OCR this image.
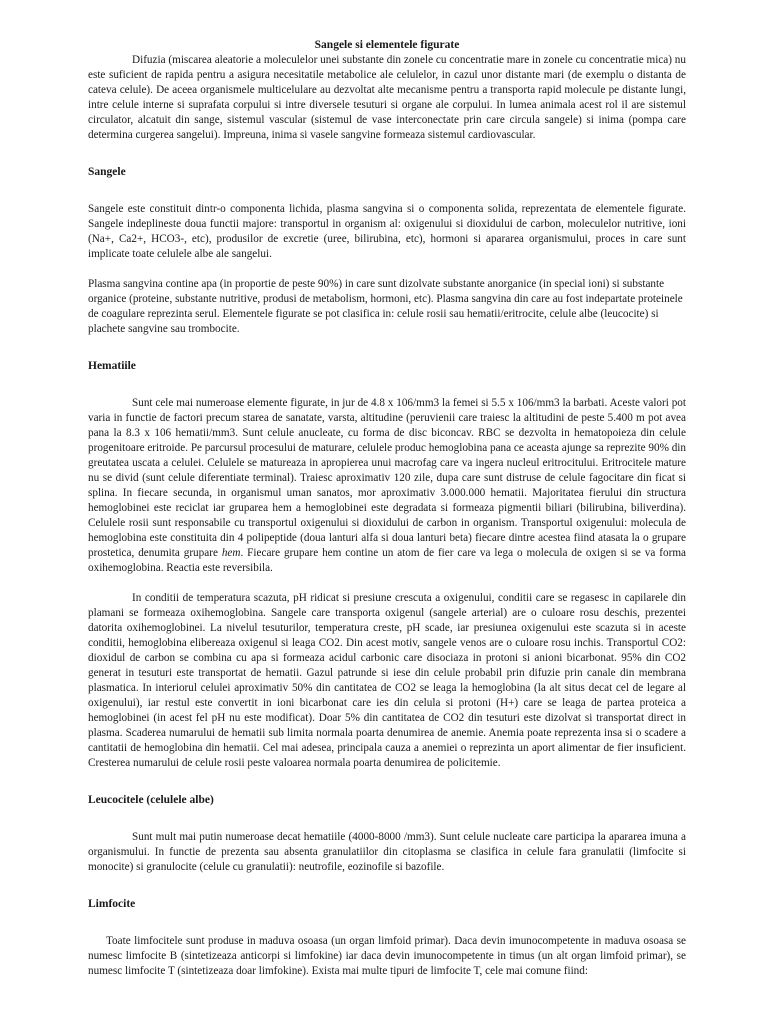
Sangele si elementele figurate

Difuzia (miscarea aleatorie a moleculelor unei substante din zonele cu concentratie mare in zonele cu concentratie mica) nu este suficient de rapida pentru a asigura necesitatile metabolice ale celulelor, in cazul unor distante mari (de exemplu o distanta de cateva celule). De aceea organismele multicelulare au dezvoltat alte mecanisme pentru a transporta rapid molecule pe distante lungi, intre celule interne si suprafata corpului si intre diversele tesuturi si organe ale corpului. In lumea animala acest rol il are sistemul circulator, alcatuit din sange, sistemul vascular (sistemul de vase interconectate prin care circula sangele) si inima (pompa care determina curgerea sangelui). Impreuna, inima si vasele sangvine formeaza sistemul cardiovascular.

Sangele

Sangele este constituit dintr-o componenta lichida, plasma sangvina si o componenta solida, reprezentata de elementele figurate. Sangele indeplineste doua functii majore: transportul in organism al: oxigenului si dioxidului de carbon, moleculelor nutritive, ioni (Na+, Ca2+, HCO3-, etc), produsilor de excretie (uree, bilirubina, etc), hormoni si apararea organismului, proces in care sunt implicate toate celulele albe ale sangelui.

Plasma sangvina contine apa (in proportie de peste 90%) in care sunt dizolvate substante anorganice (in special ioni) si substante organice (proteine, substante nutritive, produsi de metabolism, hormoni, etc). Plasma sangvina din care au fost indepartate proteinele de coagulare reprezinta serul. Elementele figurate se pot clasifica in: celule rosii sau hematii/eritrocite, celule albe (leucocite) si plachete sangvine sau trombocite.

Hematiile

Sunt cele mai numeroase elemente figurate, in jur de 4.8 x 106/mm3 la femei si 5.5 x 106/mm3 la barbati. Aceste valori pot varia in functie de factori precum starea de sanatate, varsta, altitudine (peruvienii care traiesc la altitudini de peste 5.400 m pot avea pana la 8.3 x 106 hematii/mm3. Sunt celule anucleate, cu forma de disc biconcav. RBC se dezvolta in hematopoieza din celule progenitoare eritroide. Pe parcursul procesului de maturare, celulele produc hemoglobina pana ce aceasta ajunge sa reprezite 90% din greutatea uscata a celulei. Celulele se matureaza in apropierea unui macrofag care va ingera nucleul eritrocitului. Eritrocitele mature nu se divid (sunt celule diferentiate terminal). Traiesc aproximativ 120 zile, dupa care sunt distruse de celule fagocitare din ficat si splina. In fiecare secunda, in organismul uman sanatos, mor aproximativ 3.000.000 hematii. Majoritatea fierului din structura hemoglobinei este reciclat iar gruparea hem a hemoglobinei este degradata si formeaza pigmentii biliari (bilirubina, biliverdina). Celulele rosii sunt responsabile cu transportul oxigenului si dioxidului de carbon in organism. Transportul oxigenului: molecula de hemoglobina este constituita din 4 polipeptide (doua lanturi alfa si doua lanturi beta) fiecare dintre acestea fiind atasata la o grupare prostetica, denumita grupare hem. Fiecare grupare hem contine un atom de fier care va lega o molecula de oxigen si se va forma oxihemoglobina. Reactia este reversibila.

In conditii de temperatura scazuta, pH ridicat si presiune crescuta a oxigenului, conditii care se regasesc in capilarele din plamani se formeaza oxihemoglobina. Sangele care transporta oxigenul (sangele arterial) are o culoare rosu deschis, prezentei datorita oxihemoglobinei. La nivelul tesuturilor, temperatura creste, pH scade, iar presiunea oxigenului este scazuta si in aceste conditii, hemoglobina elibereaza oxigenul si leaga CO2. Din acest motiv, sangele venos are o culoare rosu inchis. Transportul CO2: dioxidul de carbon se combina cu apa si formeaza acidul carbonic care disociaza in protoni si anioni bicarbonat. 95% din CO2 generat in tesuturi este transportat de hematii. Gazul patrunde si iese din celule probabil prin difuzie prin canale din membrana plasmatica. In interiorul celulei aproximativ 50% din cantitatea de CO2 se leaga la hemoglobina (la alt situs decat cel de legare al oxigenului), iar restul este convertit in ioni bicarbonat care ies din celula si protoni (H+) care se leaga de partea proteica a hemoglobinei (in acest fel pH nu este modificat). Doar 5% din cantitatea de CO2 din tesuturi este dizolvat si transportat direct in plasma. Scaderea numarului de hematii sub limita normala poarta denumirea de anemie. Anemia poate reprezenta insa si o scadere a cantitatii de hemoglobina din hematii. Cel mai adesea, principala cauza a anemiei o reprezinta un aport alimentar de fier insuficient. Cresterea numarului de celule rosii peste valoarea normala poarta denumirea de policitemie.

Leucocitele (celulele albe)

Sunt mult mai putin numeroase decat hematiile (4000-8000 /mm3). Sunt celule nucleate care participa la apararea imuna a organismului. In functie de prezenta sau absenta granulatiilor din citoplasma se clasifica in celule fara granulatii (limfocite si monocite) si granulocite (celule cu granulatii): neutrofile, eozinofile si bazofile.

Limfocite

Toate limfocitele sunt produse in maduva osoasa (un organ limfoid primar). Daca devin imunocompetente in maduva osoasa se numesc limfocite B (sintetizeaza anticorpi si limfokine) iar daca devin imunocompetente in timus (un alt organ limfoid primar), se numesc limfocite T (sintetizeaza doar limfokine). Exista mai multe tipuri de limfocite T, cele mai comune fiind:
